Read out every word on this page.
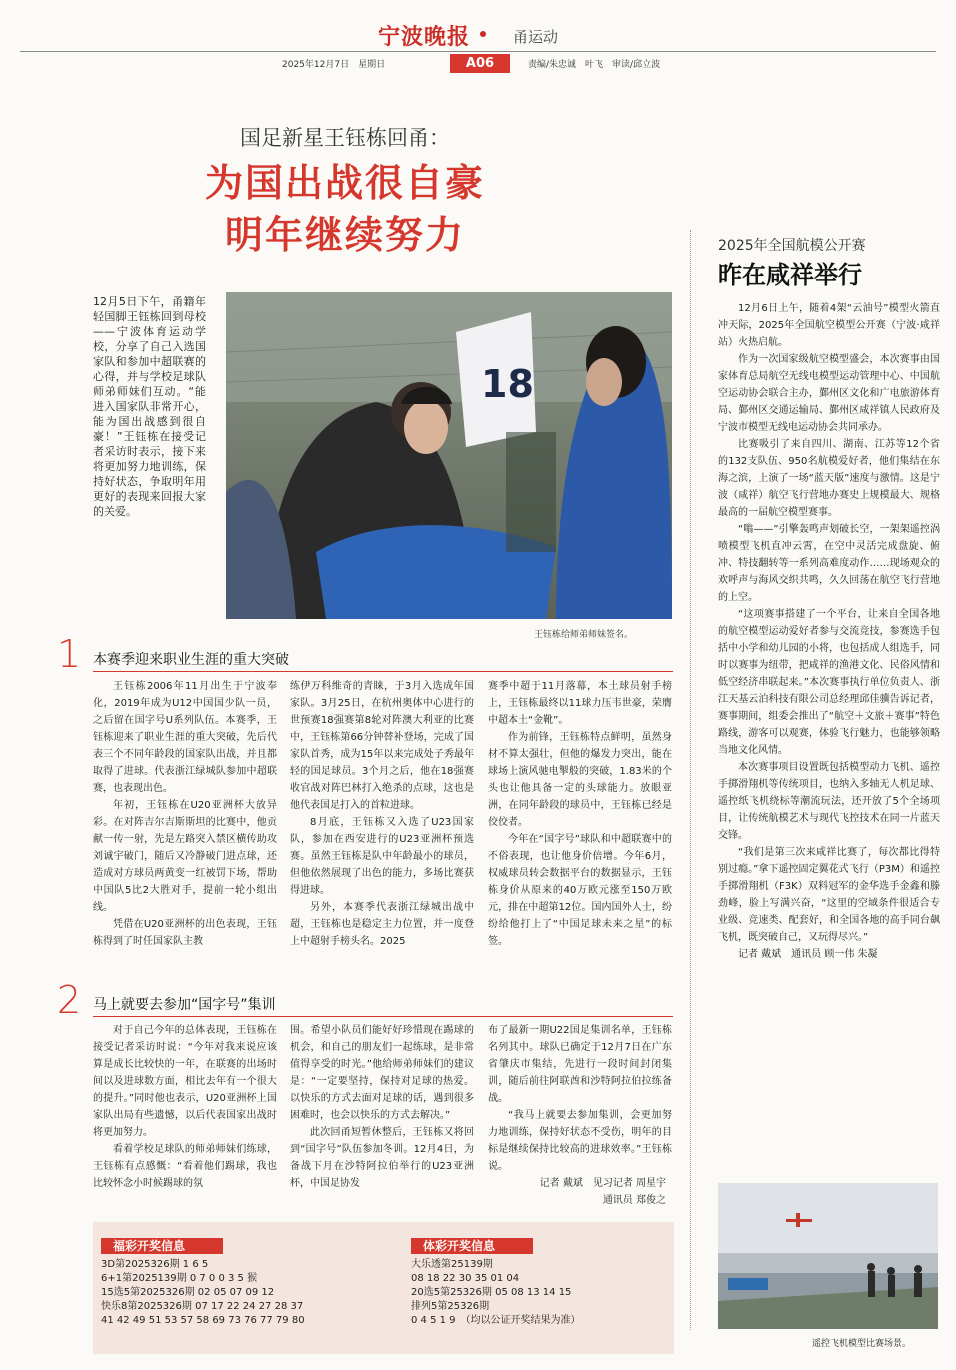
宁波晚报	甬运动
2025年12月7日　星期日	A06	责编/朱忠诚　叶飞　审读/邱立波
国足新星王钰栋回甬：
为国出战很自豪
明年继续努力

12月5日下午，甬籍年轻国脚王钰栋回到母校——宁波体育运动学校，分享了自己入选国家队和参加中超联赛的心得，并与学校足球队师弟师妹们互动。“能进入国家队非常开心，能为国出战感到很自豪！”王钰栋在接受记者采访时表示，接下来将更加努力地训练，保持好状态，争取明年用更好的表现来回报大家的关爱。

18
王钰栋给师弟师妹签名。
1 本赛季迎来职业生涯的重大突破

王钰栋2006年11月出生于宁波奉化，2019年成为U12中国国少队一员，之后留在国字号U系列队伍。本赛季，王钰栋迎来了职业生涯的重大突破，先后代表三个不同年龄段的国家队出战，并且都取得了进球。代表浙江绿城队参加中超联赛，也表现出色。

年初，王钰栋在U20亚洲杯大放异彩。在对阵吉尔吉斯斯坦的比赛中，他贡献一传一射，先是左路突入禁区横传助攻刘诚宇破门，随后又冷静破门进点球，还造成对方球员两黄变一红被罚下场，帮助中国队5比2大胜对手，提前一轮小组出线。

凭借在U20亚洲杯的出色表现，王钰栋得到了时任国家队主教

练伊万科维奇的青睐，于3月入选成年国家队。3月25日，在杭州奥体中心进行的世预赛18强赛第8轮对阵澳大利亚的比赛中，王钰栋第66分钟替补登场，完成了国家队首秀，成为15年以来完成处子秀最年轻的国足球员。3个月之后，他在18强赛收官战对阵巴林打入绝杀的点球，这也是他代表国足打入的首粒进球。

8月底，王钰栋又入选了U23国家队，参加在西安进行的U23亚洲杯预选赛。虽然王钰栋是队中年龄最小的球员，但他依然展现了出色的能力，多场比赛获得进球。

另外，本赛季代表浙江绿城出战中超，王钰栋也是稳定主力位置，并一度登上中超射手榜头名。2025

赛季中超于11月落幕，本土球员射手榜上，王钰栋最终以11球力压韦世豪，荣膺中超本土“金靴”。

作为前锋，王钰栋特点鲜明，虽然身材不算太强壮，但他的爆发力突出，能在球场上演风驰电掣般的突破，1.83米的个头也让他具备一定的头球能力。放眼亚洲，在同年龄段的球员中，王钰栋已经是佼佼者。

今年在“国字号”球队和中超联赛中的不俗表现，也让他身价倍增。今年6月，权威球员转会数据平台的数据显示，王钰栋身价从原来的40万欧元涨至150万欧元，排在中超第12位。国内国外人士，纷纷给他打上了“中国足球未来之星”的标签。

2 马上就要去参加“国字号”集训

对于自己今年的总体表现，王钰栋在接受记者采访时说：“今年对我来说应该算是成长比较快的一年，在联赛的出场时间以及进球数方面，相比去年有一个很大的提升。”同时他也表示，U20亚洲杯上国家队出局有些遗憾，以后代表国家出战时将更加努力。

看着学校足球队的师弟师妹们练球，王钰栋有点感慨：“看着他们踢球，我也比较怀念小时候踢球的氛

围。希望小队员们能好好珍惜现在踢球的机会，和自己的朋友们一起练球，是非常值得享受的时光。”他给师弟师妹们的建议是：“一定要坚持，保持对足球的热爱。以快乐的方式去面对足球的话，遇到很多困难时，也会以快乐的方式去解决。”

此次回甬短暂休整后，王钰栋又将回到“国字号”队伍参加冬训。12月4日，为备战下月在沙特阿拉伯举行的U23亚洲杯，中国足协发

布了最新一期U22国足集训名单，王钰栋名列其中。球队已确定于12月7日在广东省肇庆市集结，先进行一段时间封闭集训，随后前往阿联酋和沙特阿拉伯拉练备战。

“我马上就要去参加集训，会更加努力地训练，保持好状态不受伤，明年的目标是继续保持比较高的进球效率。”王钰栋说。

记者 戴斌　见习记者 周星宇

通讯员 郑俊之

2025年全国航模公开赛
昨在咸祥举行

12月6日上午，随着4架“云油号”模型火箭直冲天际，2025年全国航空模型公开赛（宁波·咸祥站）火热启航。

作为一次国家级航空模型盛会，本次赛事由国家体育总局航空无线电模型运动管理中心、中国航空运动协会联合主办，鄞州区文化和广电旅游体育局、鄞州区交通运输局、鄞州区咸祥镇人民政府及宁波市模型无线电运动协会共同承办。

比赛吸引了来自四川、湖南、江苏等12个省的132支队伍、950名航模爱好者，他们集结在东海之滨，上演了一场“蓝天版”速度与激情。这是宁波（咸祥）航空飞行营地办赛史上规模最大、规格最高的一届航空模型赛事。

“嗡——”引擎轰鸣声划破长空，一架架遥控涡喷模型飞机直冲云霄，在空中灵活完成盘旋、俯冲、特技翻转等一系列高难度动作……现场观众的欢呼声与海风交织共鸣，久久回荡在航空飞行营地的上空。

“这项赛事搭建了一个平台，让来自全国各地的航空模型运动爱好者参与交流竞技，参赛选手包括中小学和幼儿园的小将，也包括成人组选手，同时以赛事为纽带，把咸祥的渔港文化、民俗风情和低空经济串联起来。”本次赛事执行单位负责人、浙江天基云泊科技有限公司总经理邱佳骥告诉记者，赛事期间，组委会推出了“航空＋文旅＋赛事”特色路线，游客可以观赛，体验飞行魅力，也能够领略当地文化风情。

本次赛事项目设置既包括模型动力飞机、遥控手掷滑翔机等传统项目，也纳入多轴无人机足球、遥控纸飞机绕标等潮流玩法，还开放了5个全场项目，让传统航模艺术与现代飞控技术在同一片蓝天交锋。

“我们是第三次来咸祥比赛了，每次都比得特别过瘾。”拿下遥控固定翼花式飞行（P3M）和遥控手掷滑翔机（F3K）双料冠军的金华选手金鑫和滕劲峰，脸上写满兴奋，“这里的空域条件很适合专业级、竞速类、配套好，和全国各地的高手同台飙飞机，既突破自己，又玩得尽兴。”

记者 戴斌　通讯员 顾一伟 朱凝

遥控飞机模型比赛场景。
福彩开奖信息
3D第2025326期 1 6 5
6+1第2025139期 0 7 0 0 3 5 猴
15选5第2025326期 02 05 07 09 12
快乐8第2025326期 07 17 22 24 27 28 37
41 42 49 51 53 57 58 69 73 76 77 79 80
体彩开奖信息
大乐透第25139期
08 18 22 30 35 01 04
20选5第25326期 05 08 13 14 15
排列5第25326期
0 4 5 1 9　（均以公证开奖结果为准）
